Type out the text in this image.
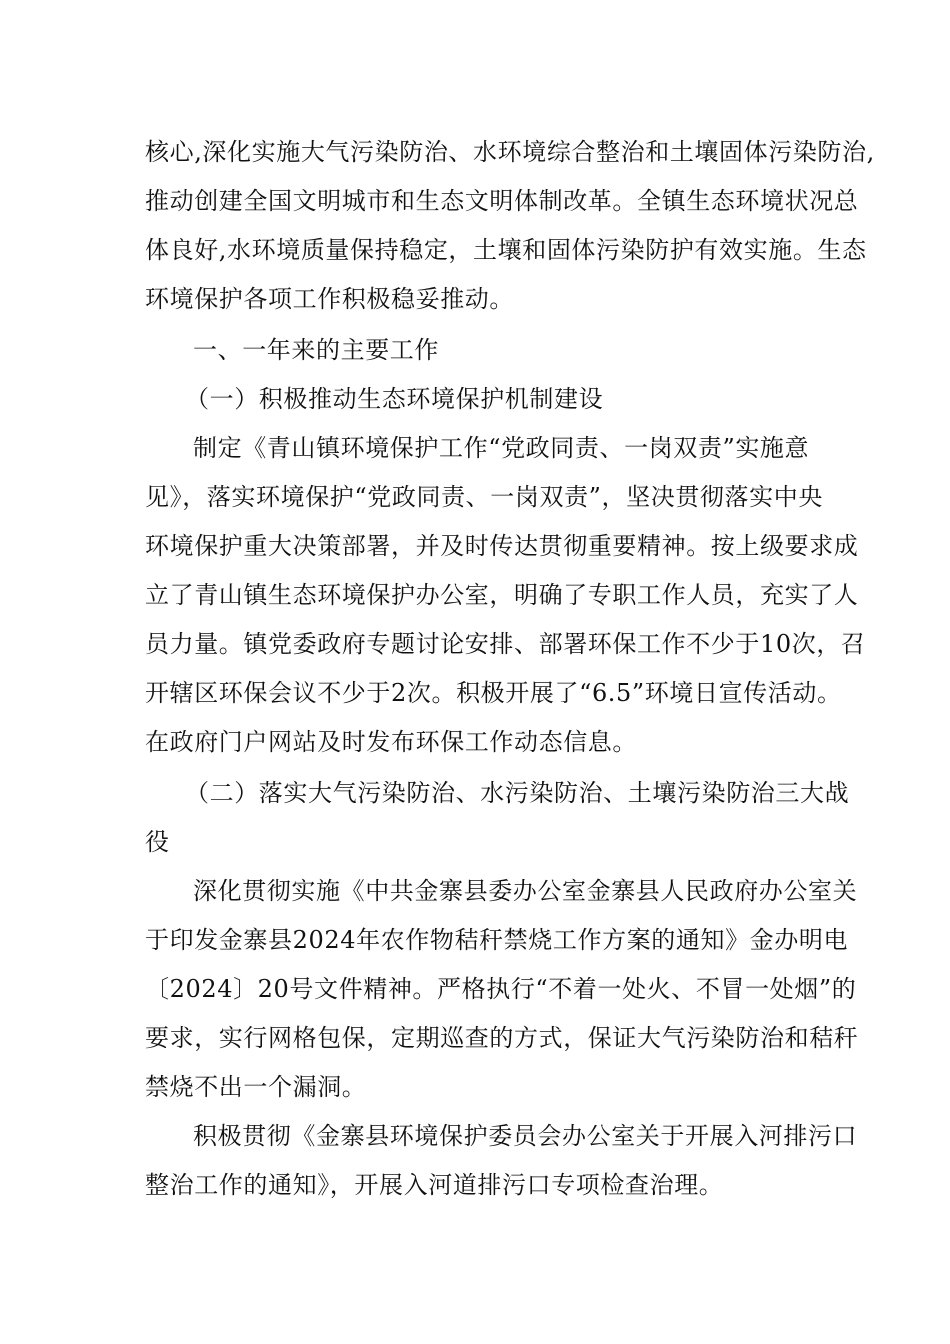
核心,深化实施大气污染防治、水环境综合整治和土壤固体污染防治,

推动创建全国文明城市和生态文明体制改革。全镇生态环境状况总

体良好,水环境质量保持稳定，土壤和固体污染防护有效实施。生态

环境保护各项工作积极稳妥推动。

一、一年来的主要工作

（一）积极推动生态环境保护机制建设

制定《青山镇环境保护工作“党政同责、一岗双责”实施意

见》，落实环境保护“党政同责、一岗双责”，坚决贯彻落实中央

环境保护重大决策部署，并及时传达贯彻重要精神。按上级要求成

立了青山镇生态环境保护办公室，明确了专职工作人员，充实了人

员力量。镇党委政府专题讨论安排、部署环保工作不少于10次，召

开辖区环保会议不少于2次。积极开展了“6.5”环境日宣传活动。

在政府门户网站及时发布环保工作动态信息。

（二）落实大气污染防治、水污染防治、土壤污染防治三大战

役

深化贯彻实施《中共金寨县委办公室金寨县人民政府办公室关

于印发金寨县2024年农作物秸秆禁烧工作方案的通知》金办明电

〔2024〕20号文件精神。严格执行“不着一处火、不冒一处烟”的

要求，实行网格包保，定期巡查的方式，保证大气污染防治和秸秆

禁烧不出一个漏洞。

积极贯彻《金寨县环境保护委员会办公室关于开展入河排污口

整治工作的通知》，开展入河道排污口专项检查治理。
